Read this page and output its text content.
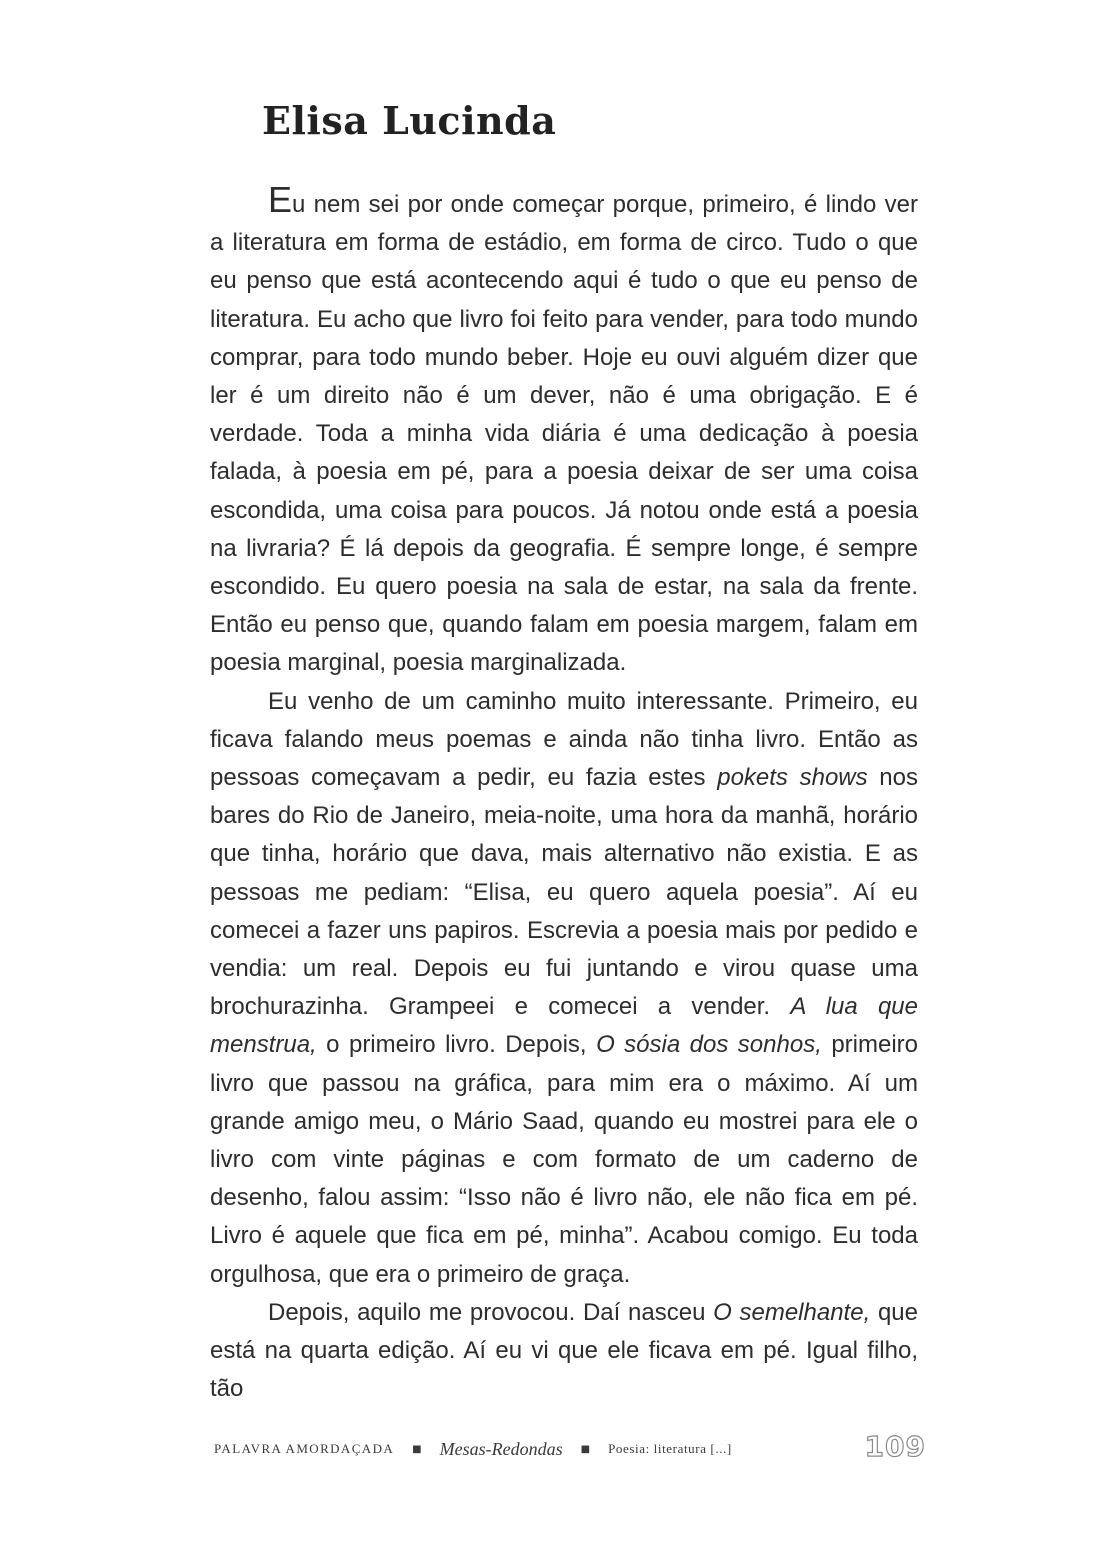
Elisa Lucinda

Eu nem sei por onde começar porque, primeiro, é lindo ver a literatura em forma de estádio, em forma de circo. Tudo o que eu penso que está acontecendo aqui é tudo o que eu penso de literatura. Eu acho que livro foi feito para vender, para todo mundo comprar, para todo mundo beber. Hoje eu ouvi alguém dizer que ler é um direito não é um dever, não é uma obrigação. E é verdade. Toda a minha vida diária é uma dedicação à poesia falada, à poesia em pé, para a poesia deixar de ser uma coisa escondida, uma coisa para poucos. Já notou onde está a poesia na livraria? É lá depois da geografia. É sempre longe, é sempre escondido. Eu quero poesia na sala de estar, na sala da frente. Então eu penso que, quando falam em poesia margem, falam em poesia marginal, poesia marginalizada.

Eu venho de um caminho muito interessante. Primeiro, eu ficava falando meus poemas e ainda não tinha livro. Então as pessoas começavam a pedir, eu fazia estes pokets shows nos bares do Rio de Janeiro, meia-noite, uma hora da manhã, horário que tinha, horário que dava, mais alternativo não existia. E as pessoas me pediam: “Elisa, eu quero aquela poesia”. Aí eu comecei a fazer uns papiros. Escrevia a poesia mais por pedido e vendia: um real. Depois eu fui juntando e virou quase uma brochurazinha. Grampeei e comecei a vender. A lua que menstrua, o primeiro livro. Depois, O sósia dos sonhos, primeiro livro que passou na gráfica, para mim era o máximo. Aí um grande amigo meu, o Mário Saad, quando eu mostrei para ele o livro com vinte páginas e com formato de um caderno de desenho, falou assim: “Isso não é livro não, ele não fica em pé. Livro é aquele que fica em pé, minha”. Acabou comigo. Eu toda orgulhosa, que era o primeiro de graça.

Depois, aquilo me provocou. Daí nasceu O semelhante, que está na quarta edição. Aí eu vi que ele ficava em pé. Igual filho, tão

PALAVRA AMORDAÇADA ■ Mesas-Redondas ■ Poesia: literatura [...]	109
